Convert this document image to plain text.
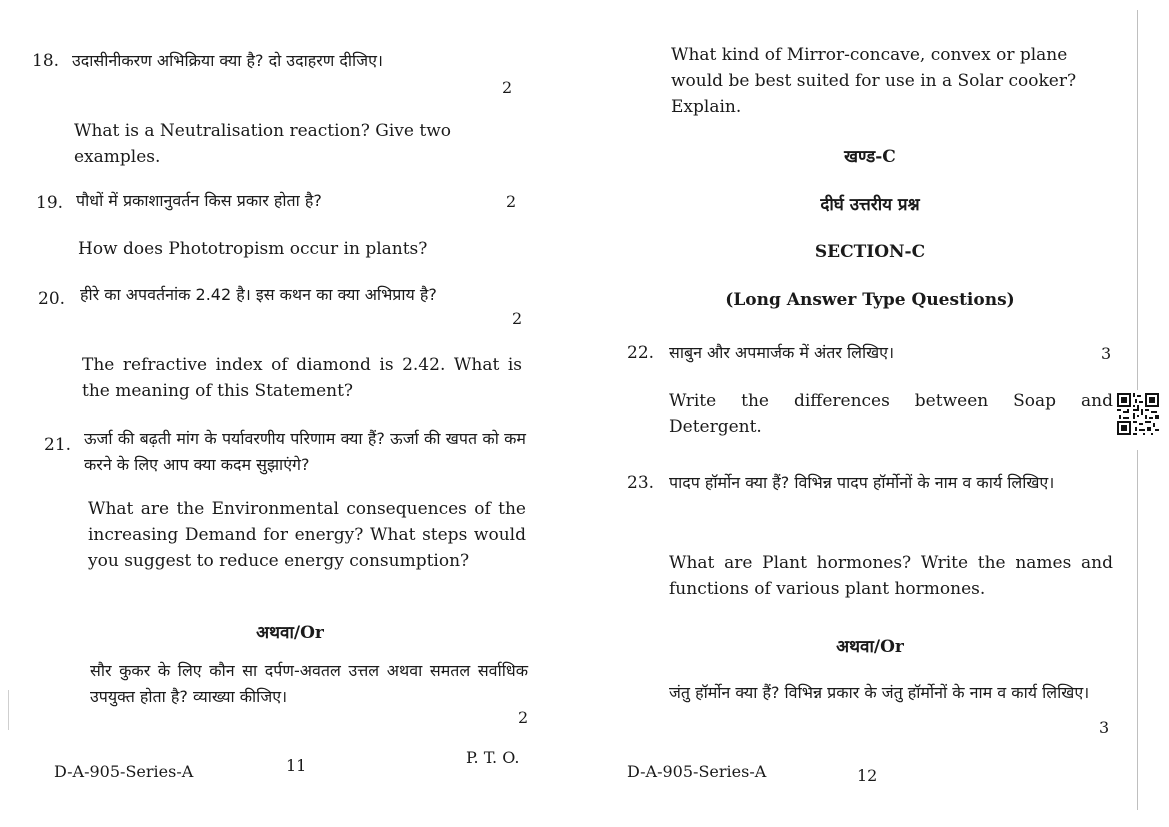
18. उदासीनीकरण अभिक्रिया क्या है? दो उदाहरण दीजिए।
2
What is a Neutralisation reaction? Give two examples.
19. पौधों में प्रकाशानुवर्तन किस प्रकार होता है?	2
How does Phototropism occur in plants?
20. हीरे का अपवर्तनांक 2.42 है। इस कथन का क्या अभिप्राय है?
2
The refractive index of diamond is 2.42. What is the meaning of this Statement?
21. ऊर्जा की बढ़ती मांग के पर्यावरणीय परिणाम क्या हैं? ऊर्जा की खपत को कम करने के लिए आप क्या कदम सुझाएंगे?
What are the Environmental consequences of the increasing Demand for energy? What steps would you suggest to reduce energy consumption?
अथवा/Or
सौर कुकर के लिए कौन सा दर्पण-अवतल उत्तल अथवा समतल सर्वाधिक उपयुक्त होता है? व्याख्या कीजिए।
2
D-A-905-Series-A	11	P. T. O.
What kind of Mirror-concave, convex or plane would be best suited for use in a Solar cooker? Explain.
खण्ड-C
दीर्घ उत्तरीय प्रश्न
SECTION-C
(Long Answer Type Questions)
22. साबुन और अपमार्जक में अंतर लिखिए।	3
Write the differences between Soap and Detergent.
23. पादप हॉर्मोन क्या हैं? विभिन्न पादप हॉर्मोनों के नाम व कार्य लिखिए।
What are Plant hormones? Write the names and functions of various plant hormones.
अथवा/Or
जंतु हॉर्मोन क्या हैं? विभिन्न प्रकार के जंतु हॉर्मोनों के नाम व कार्य लिखिए।
3
D-A-905-Series-A	12
